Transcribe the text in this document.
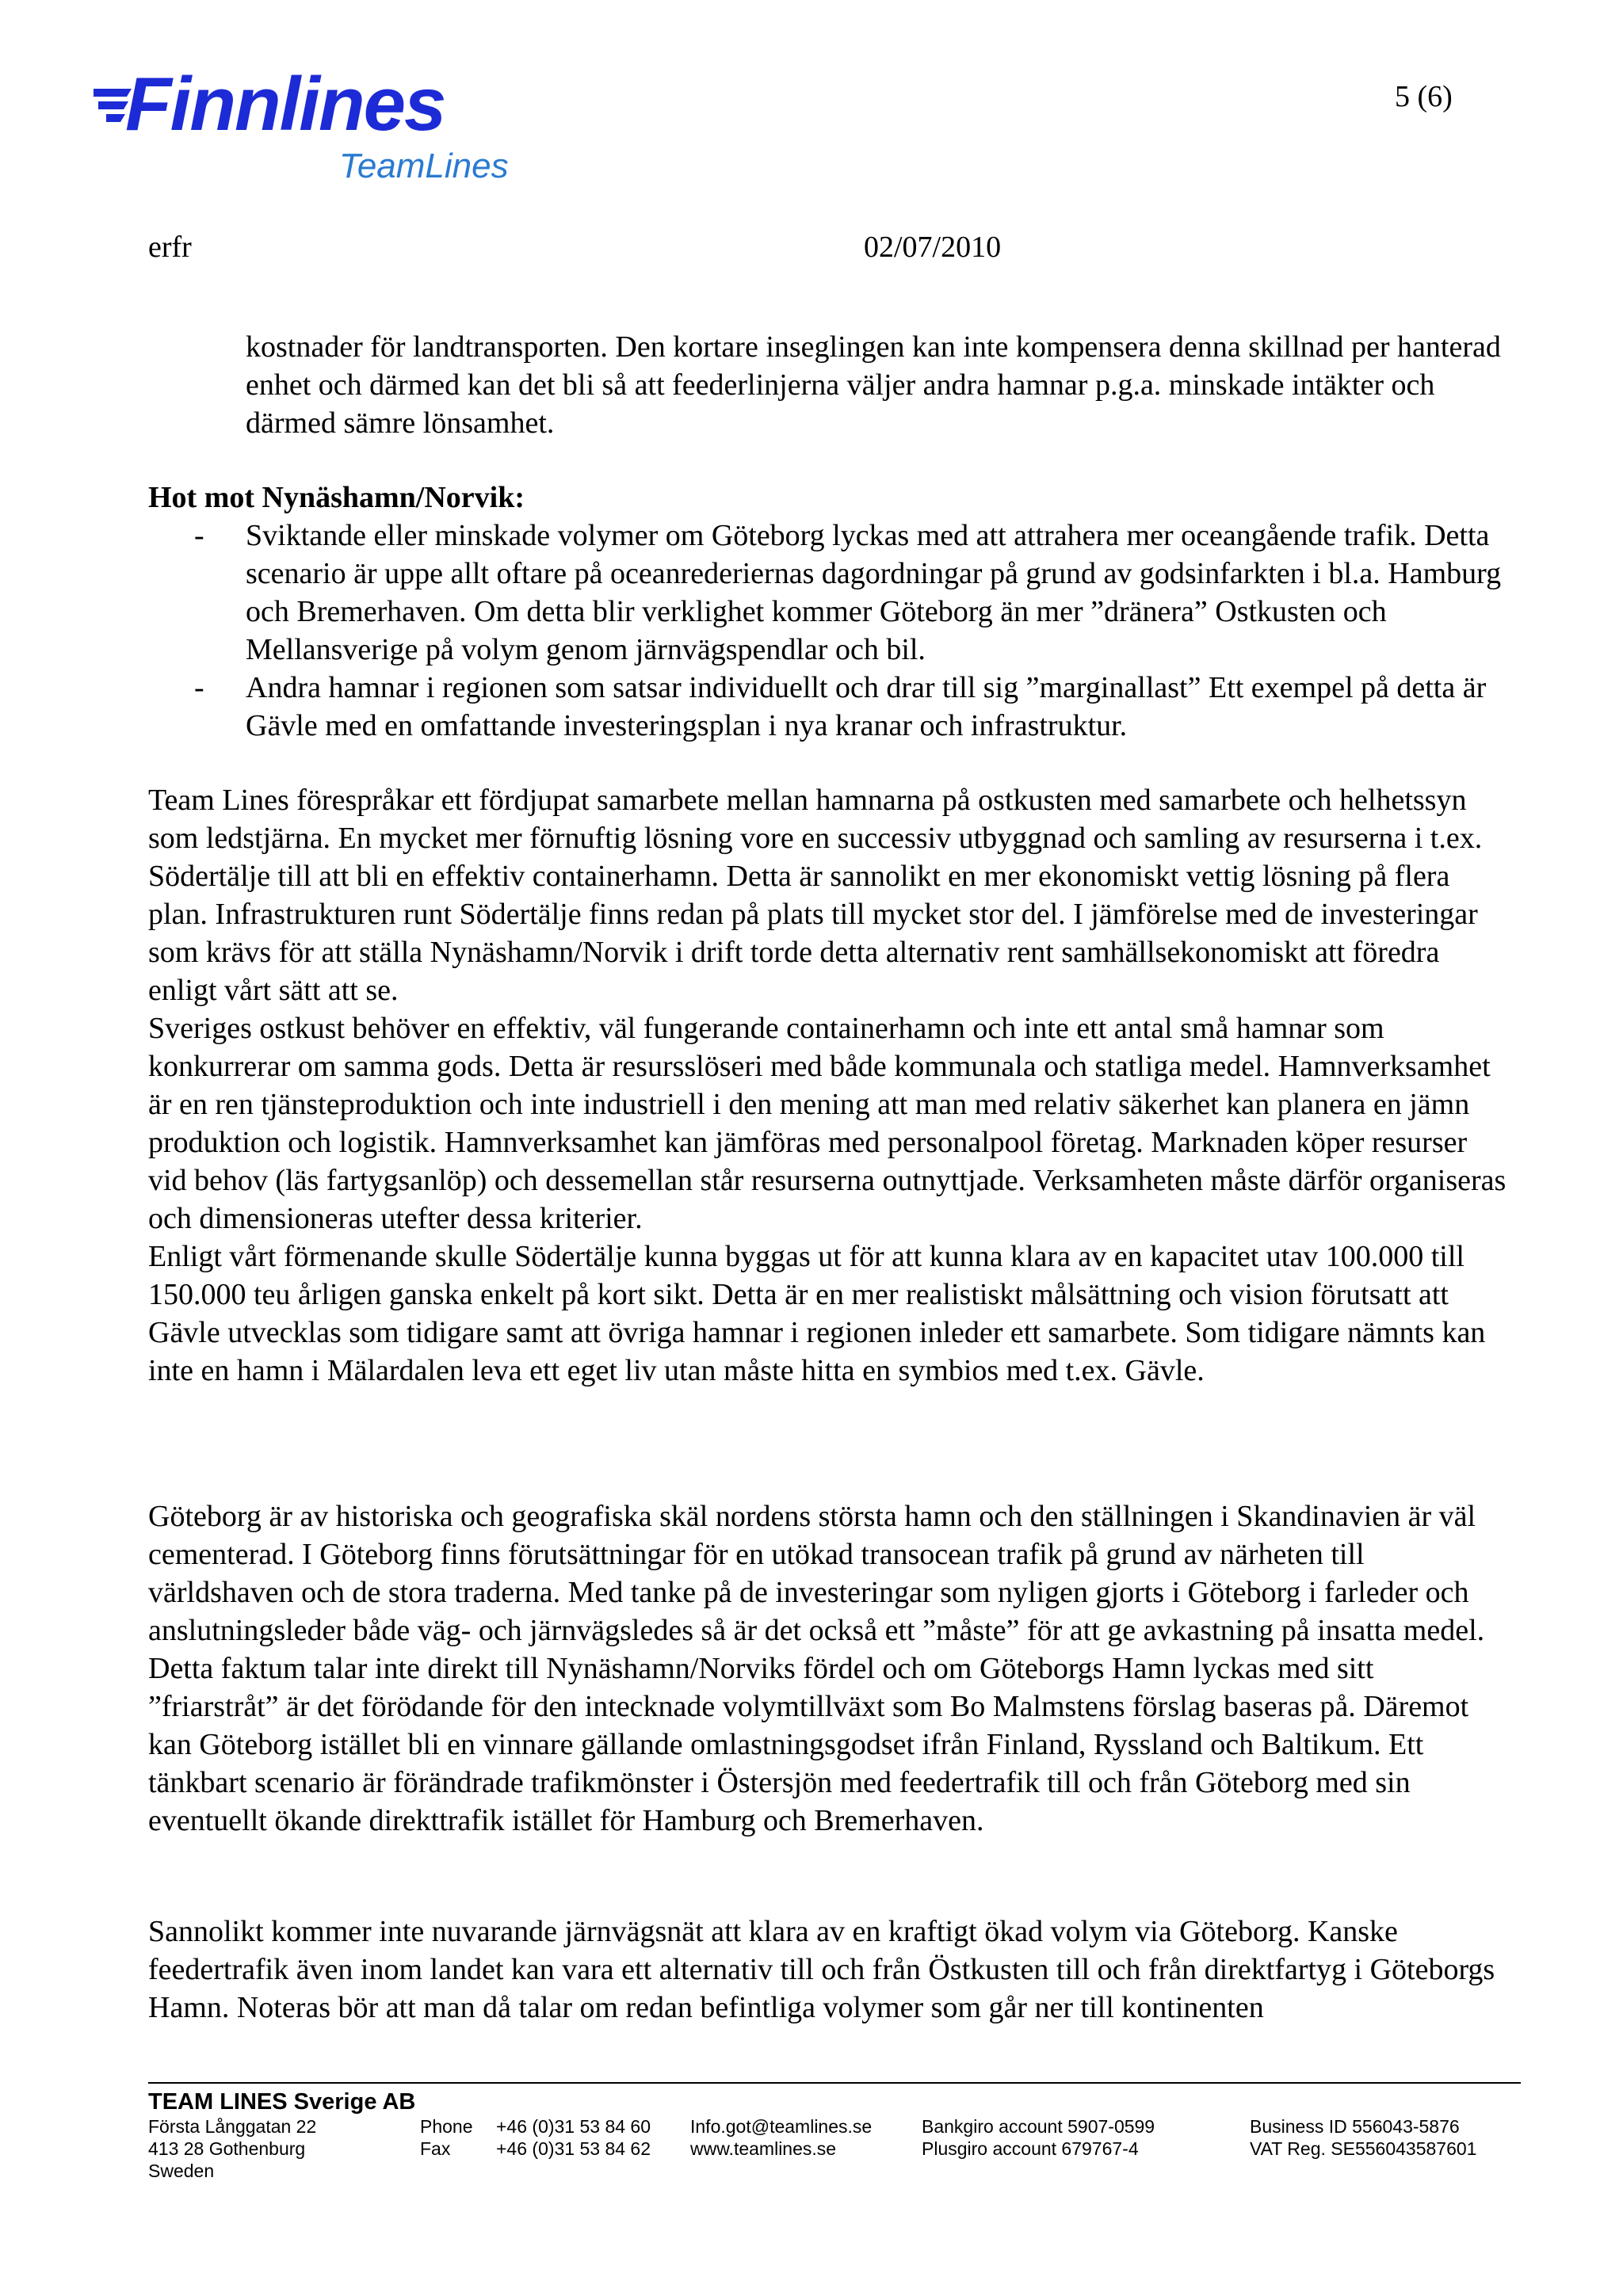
Finnlines
TeamLines
5 (6)
erfr	02/07/2010

kostnader för landtransporten. Den kortare inseglingen kan inte kompensera denna skillnad per hanterad enhet och därmed kan det bli så att feederlinjerna väljer andra hamnar p.g.a. minskade intäkter och därmed sämre lönsamhet.

Hot mot Nynäshamn/Norvik:

- Sviktande eller minskade volymer om Göteborg lyckas med att attrahera mer oceangående trafik. Detta scenario är uppe allt oftare på oceanrederiernas dagordningar på grund av godsinfarkten i bl.a. Hamburg och Bremerhaven. Om detta blir verklighet kommer Göteborg än mer ”dränera” Ostkusten och Mellansverige på volym genom järnvägspendlar och bil.
- Andra hamnar i regionen som satsar individuellt och drar till sig ”marginallast” Ett exempel på detta är Gävle med en omfattande investeringsplan i nya kranar och infrastruktur.

Team Lines förespråkar ett fördjupat samarbete mellan hamnarna på ostkusten med samarbete och helhetssyn som ledstjärna. En mycket mer förnuftig lösning vore en successiv utbyggnad och samling av resurserna i t.ex. Södertälje till att bli en effektiv containerhamn. Detta är sannolikt en mer ekonomiskt vettig lösning på flera plan. Infrastrukturen runt Södertälje finns redan på plats till mycket stor del. I jämförelse med de investeringar som krävs för att ställa Nynäshamn/Norvik i drift torde detta alternativ rent samhällsekonomiskt att föredra enligt vårt sätt att se.

Sveriges ostkust behöver en effektiv, väl fungerande containerhamn och inte ett antal små hamnar som konkurrerar om samma gods. Detta är resursslöseri med både kommunala och statliga medel. Hamnverksamhet är en ren tjänsteproduktion och inte industriell i den mening att man med relativ säkerhet kan planera en jämn produktion och logistik. Hamnverksamhet kan jämföras med personalpool företag. Marknaden köper resurser vid behov (läs fartygsanlöp) och dessemellan står resurserna outnyttjade. Verksamheten måste därför organiseras och dimensioneras utefter dessa kriterier.

Enligt vårt förmenande skulle Södertälje kunna byggas ut för att kunna klara av en kapacitet utav 100.000 till 150.000 teu årligen ganska enkelt på kort sikt. Detta är en mer realistiskt målsättning och vision förutsatt att Gävle utvecklas som tidigare samt att övriga hamnar i regionen inleder ett samarbete. Som tidigare nämnts kan inte en hamn i Mälardalen leva ett eget liv utan måste hitta en symbios med t.ex. Gävle.

Göteborg är av historiska och geografiska skäl nordens största hamn och den ställningen i Skandinavien är väl cementerad. I Göteborg finns förutsättningar för en utökad transocean trafik på grund av närheten till världshaven och de stora traderna. Med tanke på de investeringar som nyligen gjorts i Göteborg i farleder och anslutningsleder både väg- och järnvägsledes så är det också ett ”måste” för att ge avkastning på insatta medel. Detta faktum talar inte direkt till Nynäshamn/Norviks fördel och om Göteborgs Hamn lyckas med sitt ”friarstråt” är det förödande för den intecknade volymtillväxt som Bo Malmstens förslag baseras på. Däremot kan Göteborg istället bli en vinnare gällande omlastningsgodset ifrån Finland, Ryssland och Baltikum. Ett tänkbart scenario är förändrade trafikmönster i Östersjön med feedertrafik till och från Göteborg med sin eventuellt ökande direkttrafik istället för Hamburg och Bremerhaven.

Sannolikt kommer inte nuvarande järnvägsnät att klara av en kraftigt ökad volym via Göteborg. Kanske feedertrafik även inom landet kan vara ett alternativ till och från Östkusten till och från direktfartyg i Göteborgs Hamn. Noteras bör att man då talar om redan befintliga volymer som går ner till kontinenten

TEAM LINES Sverige AB
Första Långgatan 22
413 28 Gothenburg
Sweden
Phone
Fax
+46 (0)31 53 84 60
+46 (0)31 53 84 62
Info.got@teamlines.se
www.teamlines.se
Bankgiro account 5907-0599
Plusgiro account 679767-4
Business ID 556043-5876
VAT Reg. SE556043587601
